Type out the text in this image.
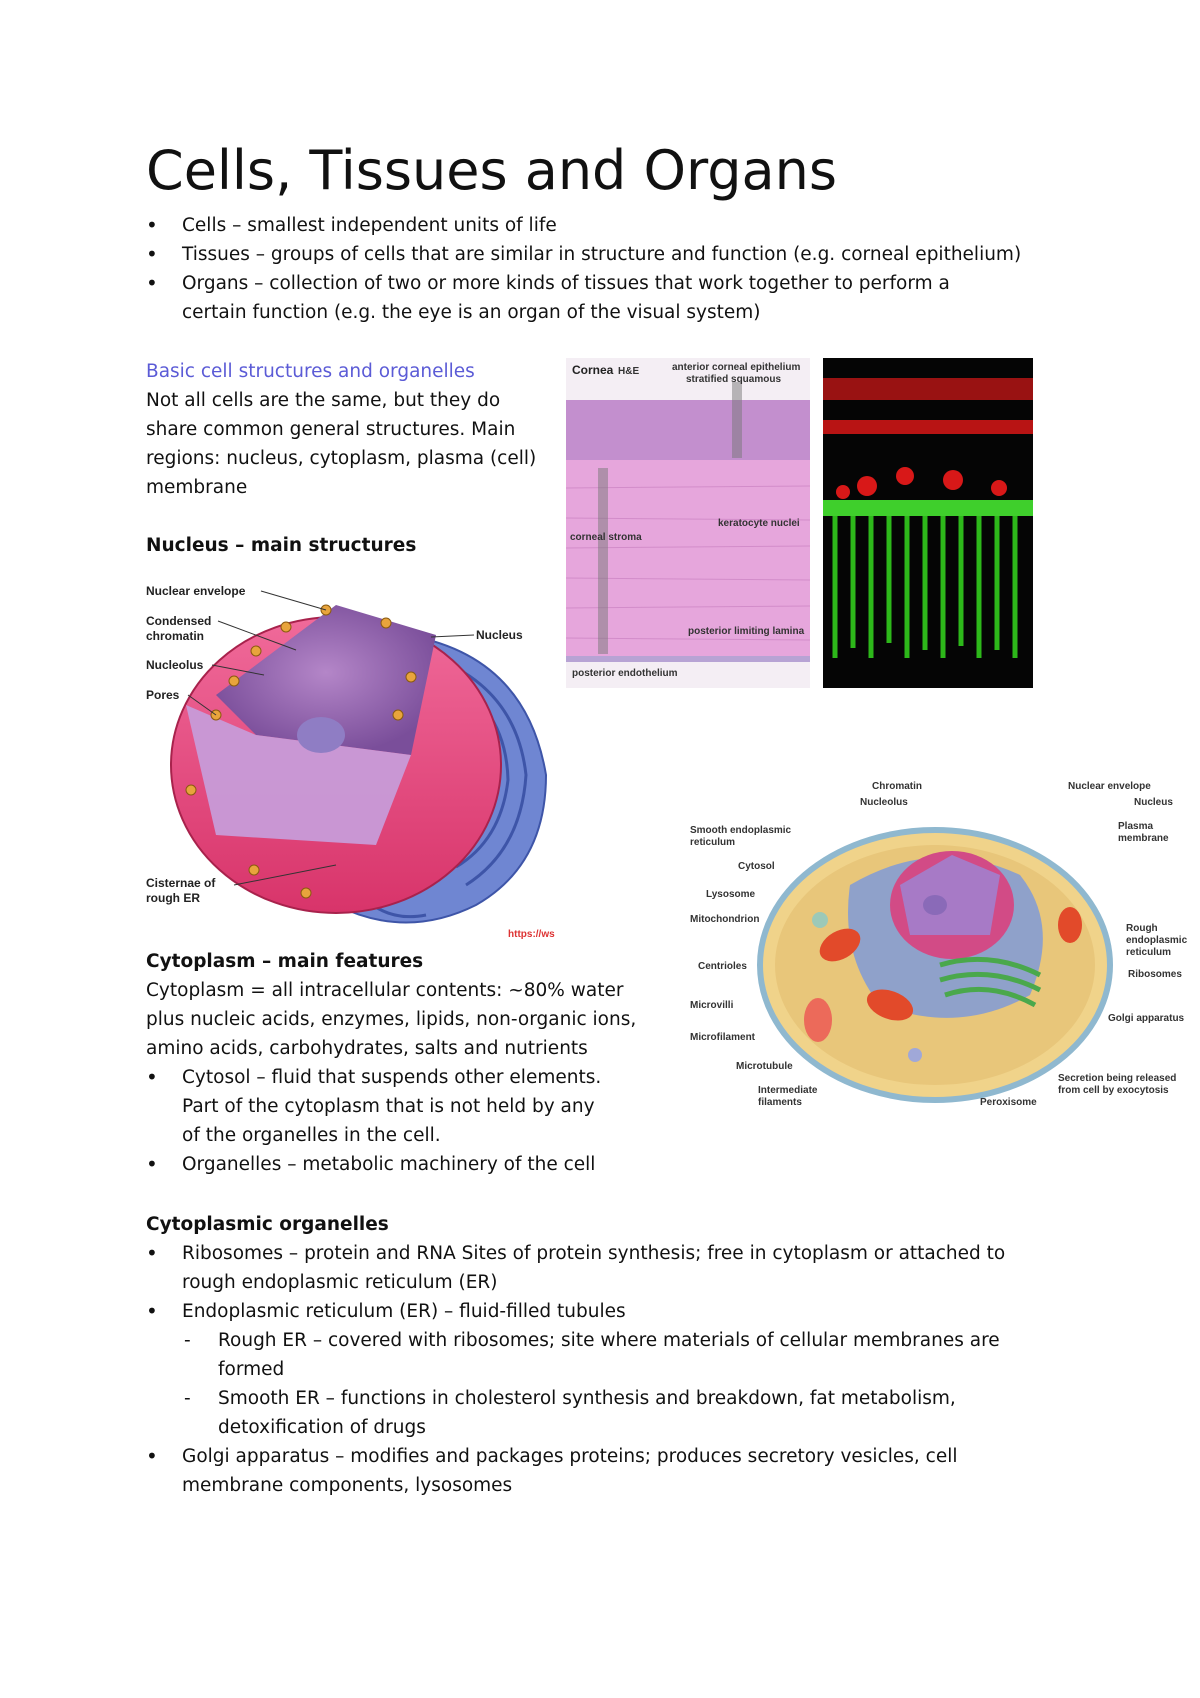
Cells, Tissues and Organs
• Cells – smallest independent units of life
• Tissues – groups of cells that are similar in structure and function (e.g. corneal epithelium)
• Organs – collection of two or more kinds of tissues that work together to perform a certain function (e.g. the eye is an organ of the visual system)
Basic cell structures and organelles
Not all cells are the same, but they do share common general structures. Main regions: nucleus, cytoplasm, plasma (cell) membrane
Nucleus – main structures
Nuclear envelope
Condensed
chromatin
Nucleolus
Pores
Nucleus
Cisternae of
rough ER
https://ws
Cornea H&E	anterior corneal epithelium
stratified squamous
corneal stroma
keratocyte nuclei
posterior limiting lamina
posterior endothelium
Cytoplasm – main features
Cytoplasm = all intracellular contents: ~80% water plus nucleic acids, enzymes, lipids, non-organic ions, amino acids, carbohydrates, salts and nutrients
• Cytosol – fluid that suspends other elements. Part of the cytoplasm that is not held by any of the organelles in the cell.
• Organelles – metabolic machinery of the cell
Chromatin
Nucleolus
Nuclear envelope
Nucleus
Smooth endoplasmic
reticulum
Plasma
membrane
Cytosol
Lysosome
Mitochondrion
Rough
endoplasmic
reticulum
Centrioles
Ribosomes
Microvilli
Golgi apparatus
Microfilament
Microtubule
Secretion being released
from cell by exocytosis
Intermediate
filaments	Peroxisome
Cytoplasmic organelles
• Ribosomes – protein and RNA Sites of protein synthesis; free in cytoplasm or attached to rough endoplasmic reticulum (ER)
• Endoplasmic reticulum (ER) – fluid-filled tubules
- Rough ER – covered with ribosomes; site where materials of cellular membranes are formed
- Smooth ER – functions in cholesterol synthesis and breakdown, fat metabolism, detoxification of drugs
• Golgi apparatus – modifies and packages proteins; produces secretory vesicles, cell membrane components, lysosomes
